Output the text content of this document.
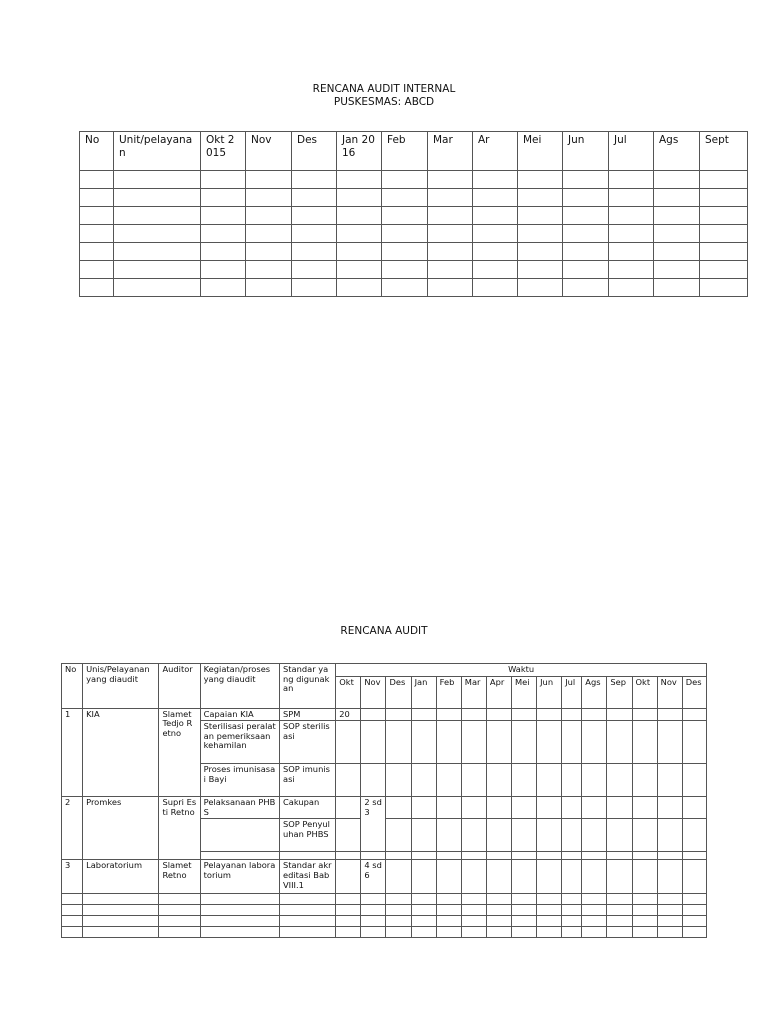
RENCANA AUDIT INTERNAL
PUSKESMAS: ABCD
No	Unit/pelayanan	Okt 2015	Nov	Des	Jan 2016	Feb	Mar	Ar	Mei	Jun	Jul	Ags	Sept

RENCANA AUDIT
No	Unis/Pelayanan yang diaudit	Auditor	Kegiatan/proses yang diaudit	Standar yang digunakan	Waktu														
					Okt	Nov	Des	Jan	Feb	Mar	Apr	Mei	Jun	Jul	Ags	Sep	Okt	Nov	Des
1	KIA	Slamet Tedjo Retno	Capaian KIA	SPM	20														
			Sterilisasi peralatan pemeriksaan kehamilan	SOP sterilisasi															
			Proses imunisasai Bayi	SOP imunisasi															
2	Promkes	Supri Esti Retno	Pelaksanaan PHBS	Cakupan		2 sd 3													
				SOP Penyuluhan PHBS															

3	Laboratorium	Slamet Retno	Pelayanan laboratorium	Standar akreditasi Bab VIII.1		4 sd 6													
